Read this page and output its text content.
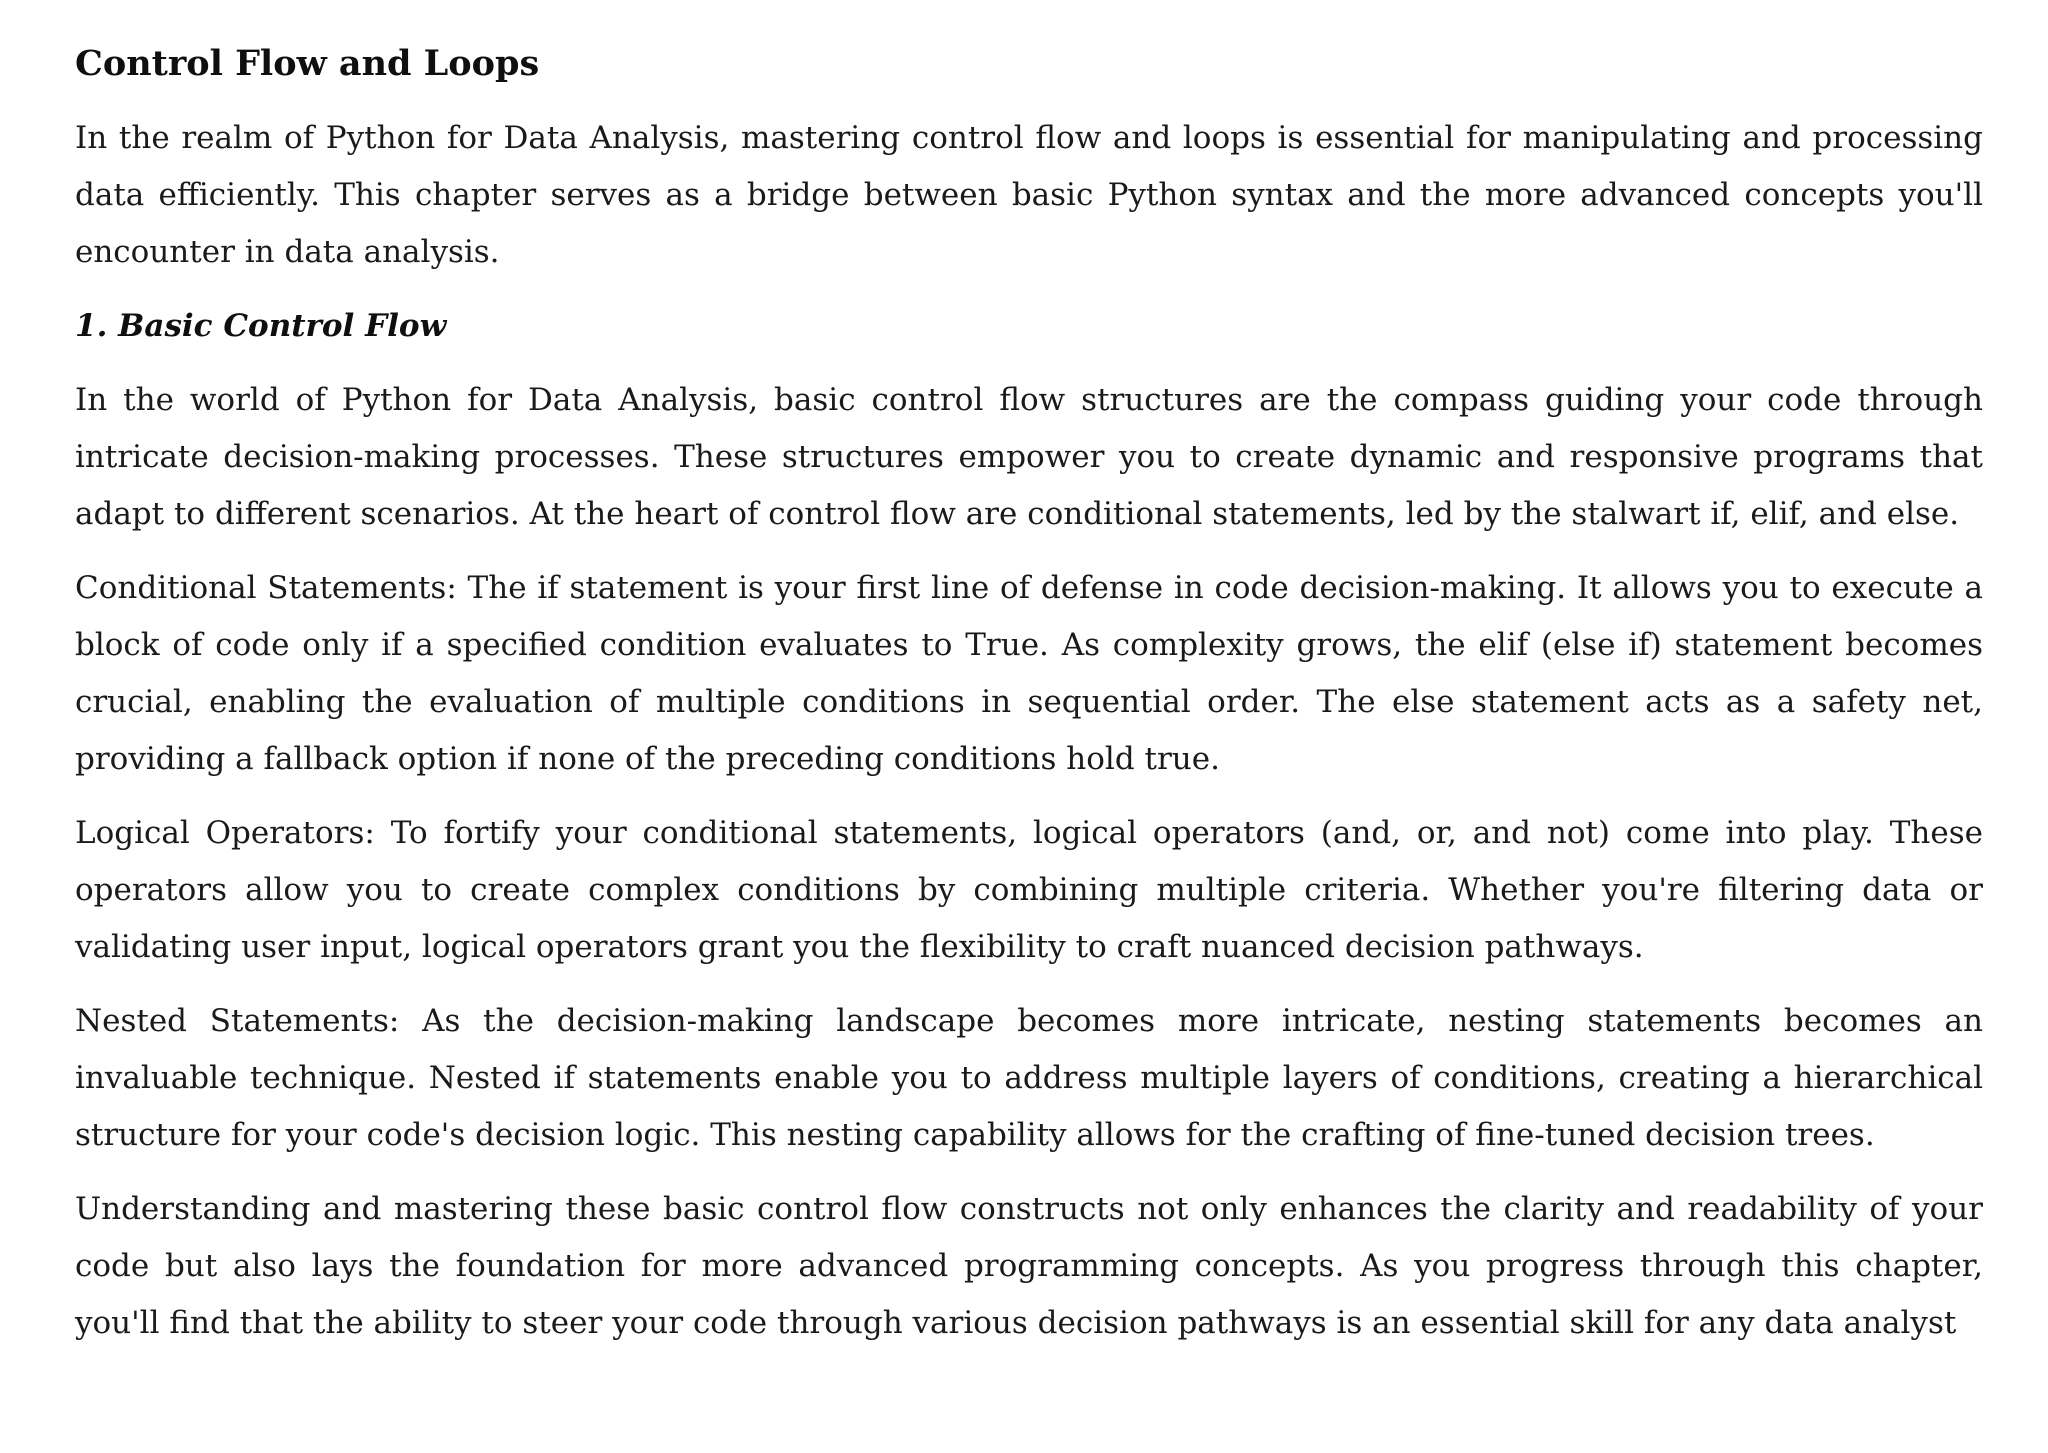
Control Flow and Loops

In the realm of Python for Data Analysis, mastering control flow and loops is essential for manipulating and processing data efficiently. This chapter serves as a bridge between basic Python syntax and the more advanced concepts you'll encounter in data analysis.

1. Basic Control Flow

In the world of Python for Data Analysis, basic control flow structures are the compass guiding your code through intricate decision-making processes. These structures empower you to create dynamic and responsive programs that adapt to different scenarios. At the heart of control flow are conditional statements, led by the stalwart if, elif, and else.

Conditional Statements: The if statement is your first line of defense in code decision-making. It allows you to execute a block of code only if a specified condition evaluates to True. As complexity grows, the elif (else if) statement becomes crucial, enabling the evaluation of multiple conditions in sequential order. The else statement acts as a safety net, providing a fallback option if none of the preceding conditions hold true.

Logical Operators: To fortify your conditional statements, logical operators (and, or, and not) come into play. These operators allow you to create complex conditions by combining multiple criteria. Whether you're filtering data or validating user input, logical operators grant you the flexibility to craft nuanced decision pathways.

Nested Statements: As the decision-making landscape becomes more intricate, nesting statements becomes an invaluable technique. Nested if statements enable you to address multiple layers of conditions, creating a hierarchical structure for your code's decision logic. This nesting capability allows for the crafting of fine-tuned decision trees.

Understanding and mastering these basic control flow constructs not only enhances the clarity and readability of your code but also lays the foundation for more advanced programming concepts. As you progress through this chapter, you'll find that the ability to steer your code through various decision pathways is an essential skill for any data analyst
